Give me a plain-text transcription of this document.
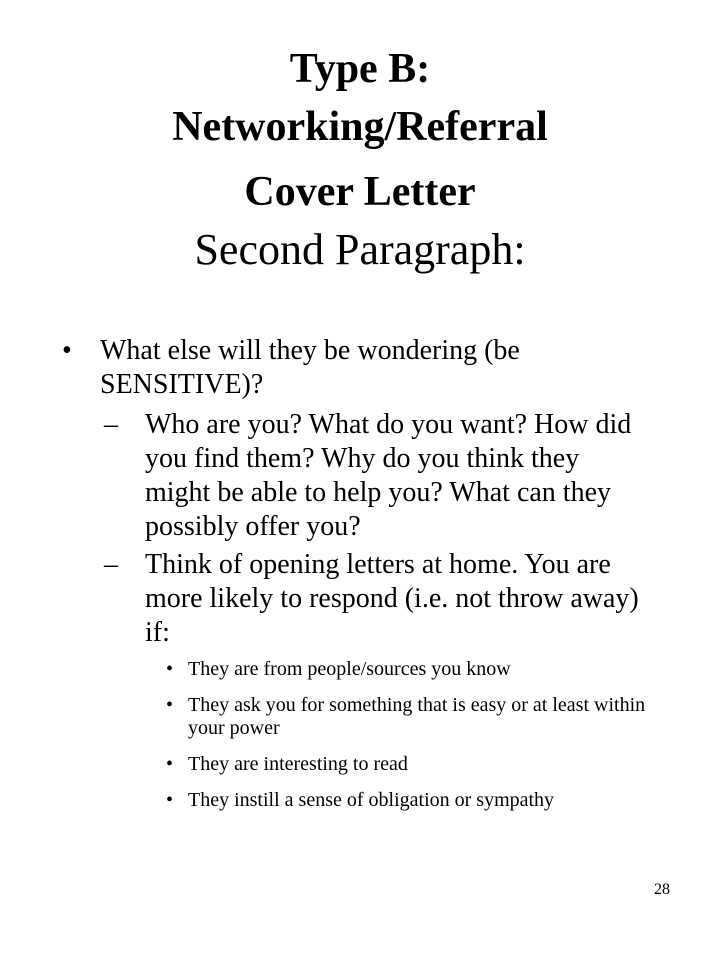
Type B:
Networking/Referral
Cover Letter
Second Paragraph:
• What else will they be wondering (be SENSITIVE)?
– Who are you? What do you want? How did you find them? Why do you think they might be able to help you? What can they possibly offer you?
– Think of opening letters at home. You are more likely to respond (i.e. not throw away) if:
• They are from people/sources you know
• They ask you for something that is easy or at least within your power
• They are interesting to read
• They instill a sense of obligation or sympathy
28
